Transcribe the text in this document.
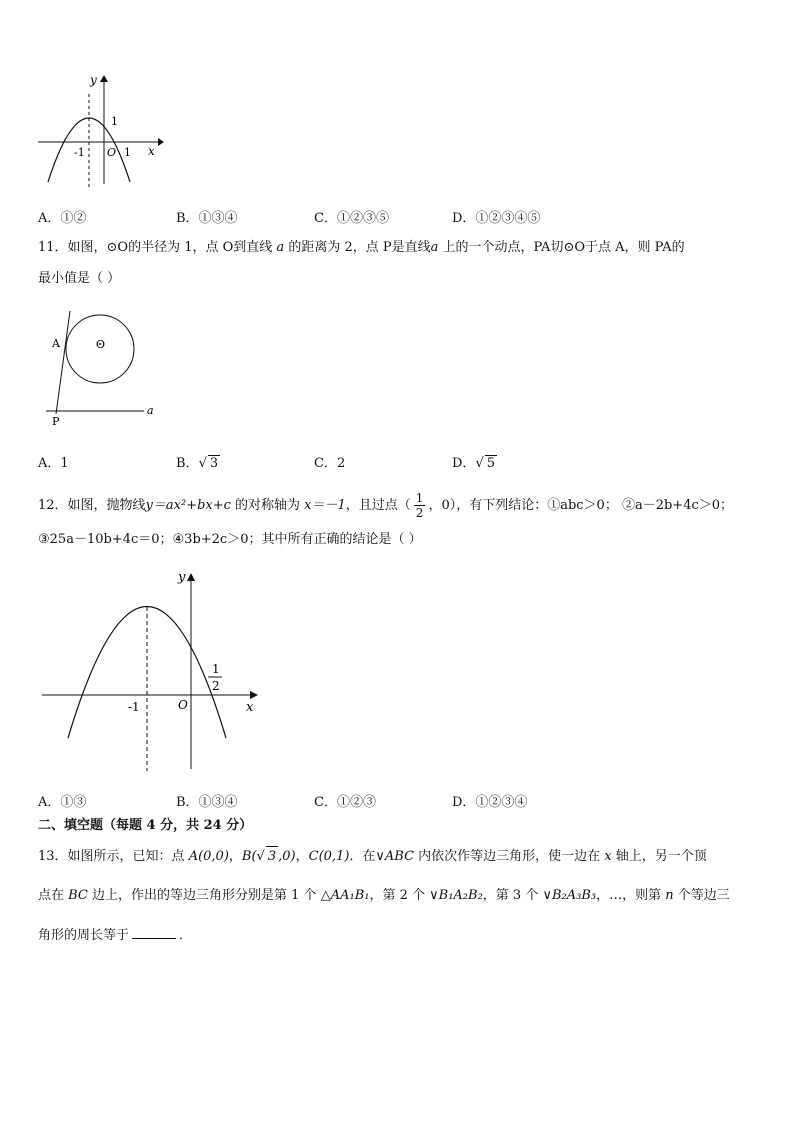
y
x
1
-1 O 1
A．①②	B．①③④	C．①②③⑤	D．①②③④⑤
11．如图，⊙O的半径为 1，点 O到直线 a 的距离为 2，点 P是直线a 上的一个动点，PA切⊙O于点 A，则 PA的
最小值是（ ）
A	O
P
a
A．1	B．√ 3	C．2	D．√ 5
12．如图，抛物线y＝ax²+bx+c 的对称轴为 x＝－1，且过点（ $\frac{1}{2}$ ，0），有下列结论：①abc＞0； ②a－2b+4c＞0；
③25a－10b+4c＝0；④3b+2c＞0；其中所有正确的结论是（ ）
y
x
-1	O
1
2
A．①③	B．①③④	C．①②③	D．①②③④
二、填空题（每题 4 分，共 24 分）
13．如图所示，已知：点 A(0,0)，B(√ 3 ,0)，C(0,1)．在∨ABC 内依次作等边三角形，使一边在 x 轴上，另一个顶
点在 BC 边上，作出的等边三角形分别是第 1 个 △AA₁B₁，第 2 个 ∨B₁A₂B₂，第 3 个 ∨B₂A₃B₃，…，则第 n 个等边三
角形的周长等于	．
